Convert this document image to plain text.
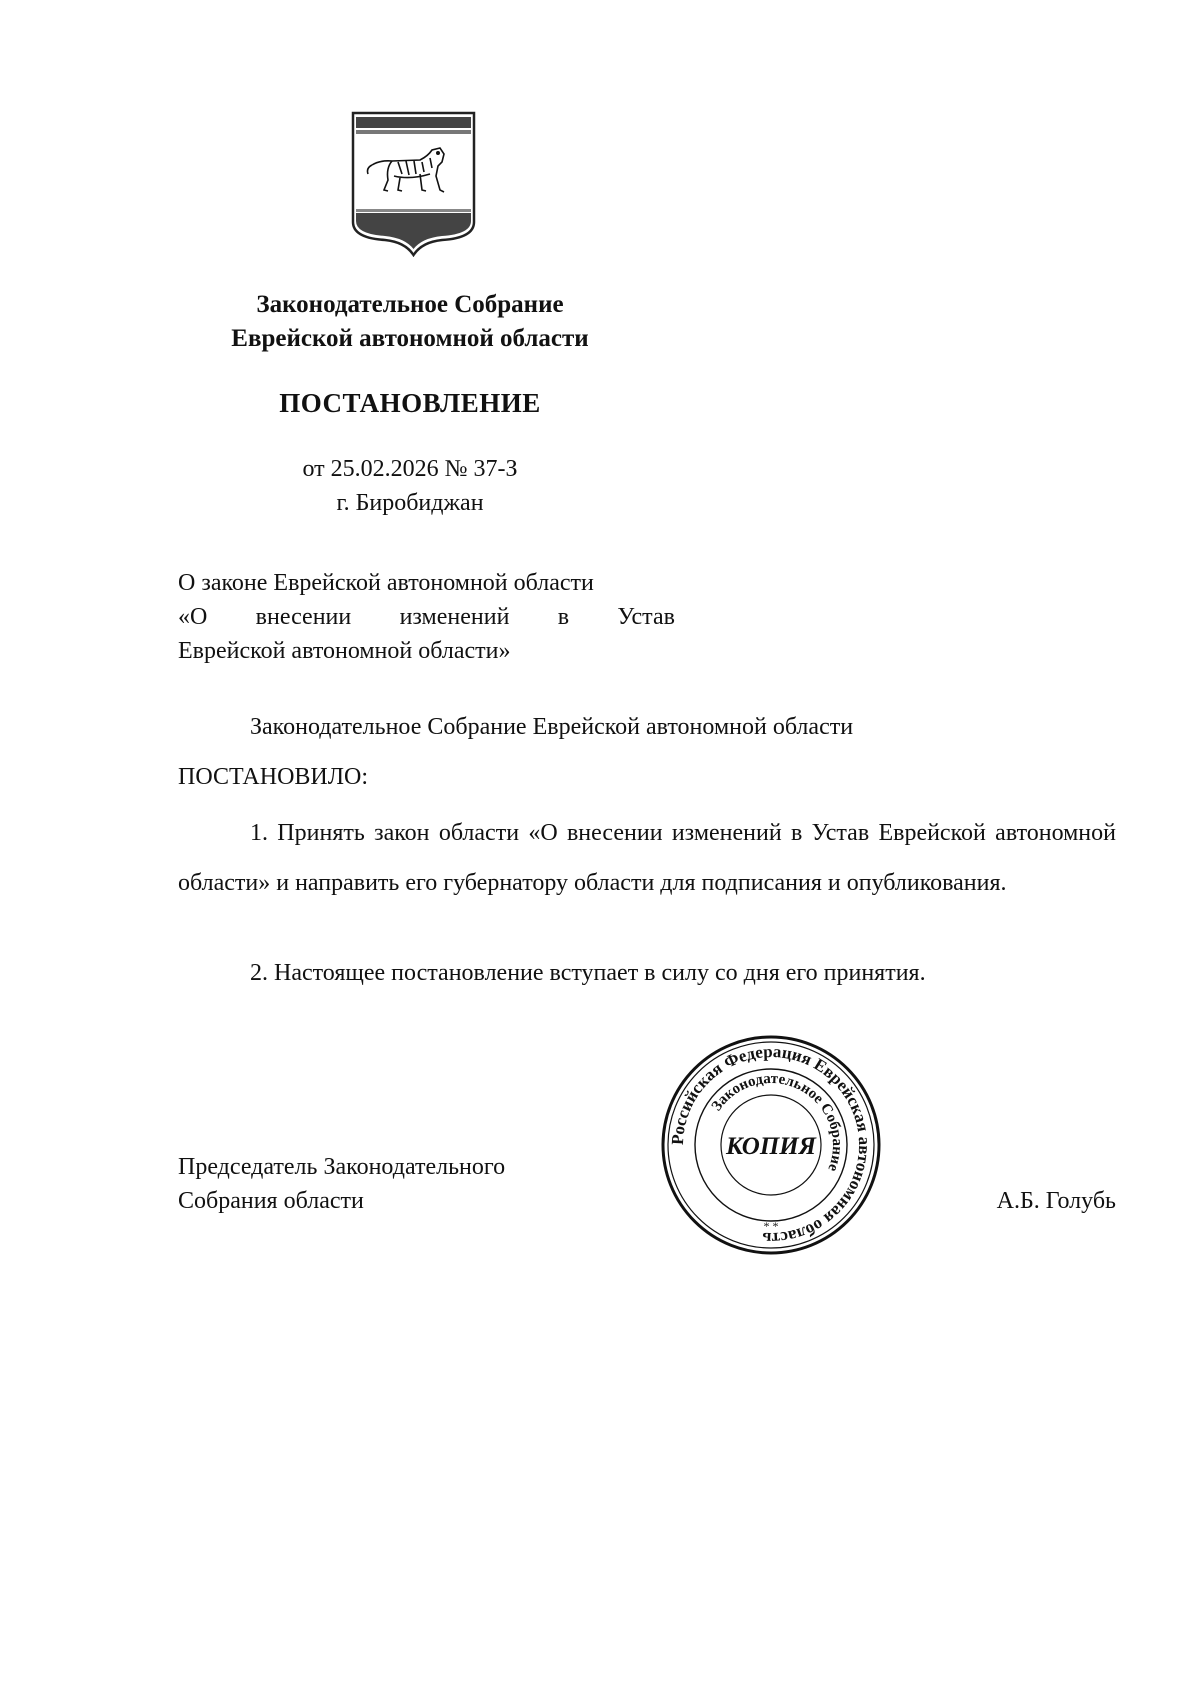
Законодательное Собрание
Еврейской автономной области
ПОСТАНОВЛЕНИЕ
от 25.02.2026 № 37-З
г. Биробиджан
О законе Еврейской автономной области
«О внесении изменений в Устав
Еврейской автономной области»
Законодательное Собрание Еврейской автономной области
ПОСТАНОВИЛО:
1. Принять закон области «О внесении изменений в Устав Еврейской автономной области» и направить его губернатору области для подписания и опубликования.
2. Настоящее постановление вступает в силу со дня его принятия.
Председатель Законодательного
Собрания области	А.Б. Голубь
Российская Федерация Еврейская автономная область
Законодательное Собрание
КОПИЯ
* *
